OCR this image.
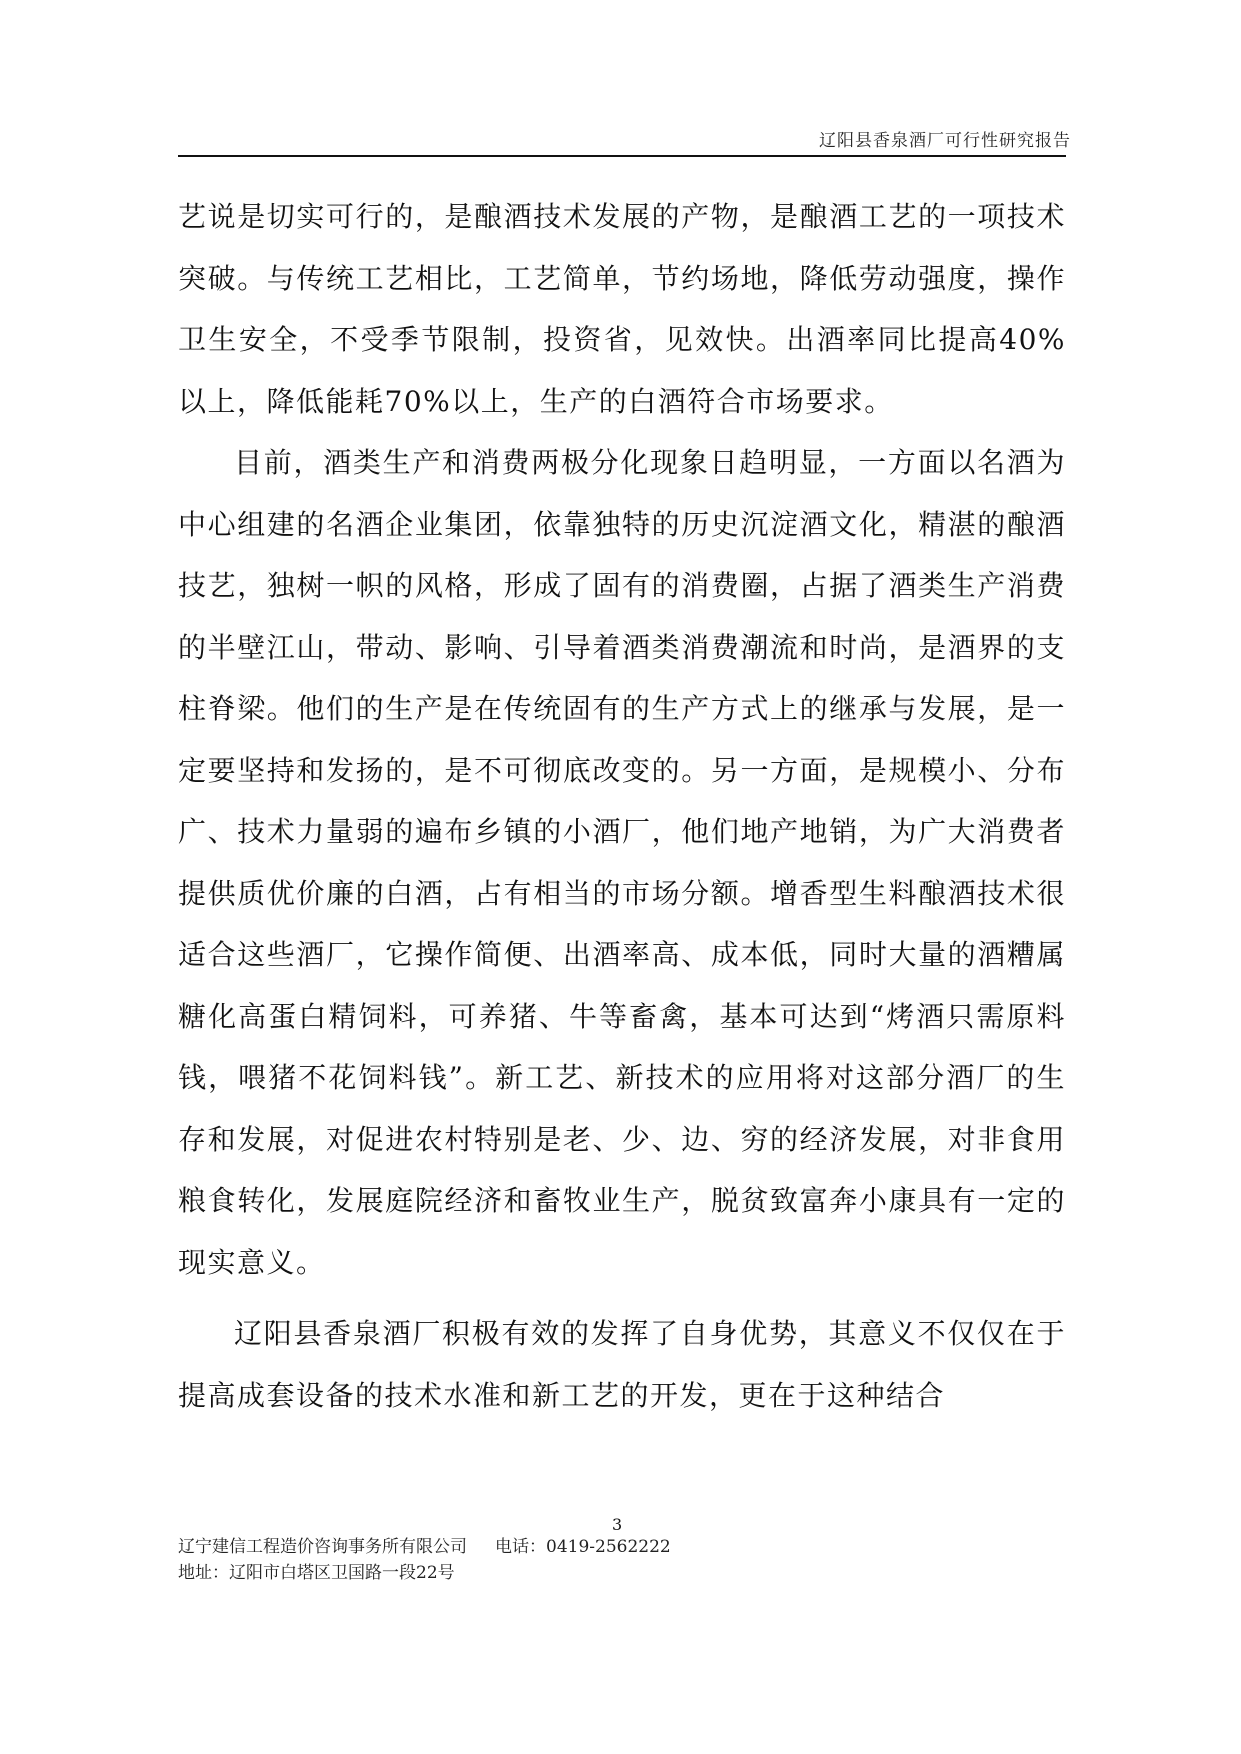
辽阳县香泉酒厂可行性研究报告

艺说是切实可行的，是酿酒技术发展的产物，是酿酒工艺的一项技术突破。与传统工艺相比，工艺简单，节约场地，降低劳动强度，操作卫生安全，不受季节限制，投资省，见效快。出酒率同比提高40%以上，降低能耗70%以上，生产的白酒符合市场要求。

目前，酒类生产和消费两极分化现象日趋明显，一方面以名酒为中心组建的名酒企业集团，依靠独特的历史沉淀酒文化，精湛的酿酒技艺，独树一帜的风格，形成了固有的消费圈，占据了酒类生产消费的半壁江山，带动、影响、引导着酒类消费潮流和时尚，是酒界的支柱脊梁。他们的生产是在传统固有的生产方式上的继承与发展，是一定要坚持和发扬的，是不可彻底改变的。另一方面，是规模小、分布广、技术力量弱的遍布乡镇的小酒厂，他们地产地销，为广大消费者提供质优价廉的白酒，占有相当的市场分额。增香型生料酿酒技术很适合这些酒厂，它操作简便、出酒率高、成本低，同时大量的酒糟属糖化高蛋白精饲料，可养猪、牛等畜禽，基本可达到“烤酒只需原料钱，喂猪不花饲料钱”。新工艺、新技术的应用将对这部分酒厂的生存和发展，对促进农村特别是老、少、边、穷的经济发展，对非食用粮食转化，发展庭院经济和畜牧业生产，脱贫致富奔小康具有一定的现实意义。

辽阳县香泉酒厂积极有效的发挥了自身优势，其意义不仅仅在于提高成套设备的技术水准和新工艺的开发，更在于这种结合

3
辽宁建信工程造价咨询事务所有限公司 电话：0419-2562222
地址：辽阳市白塔区卫国路一段22号
